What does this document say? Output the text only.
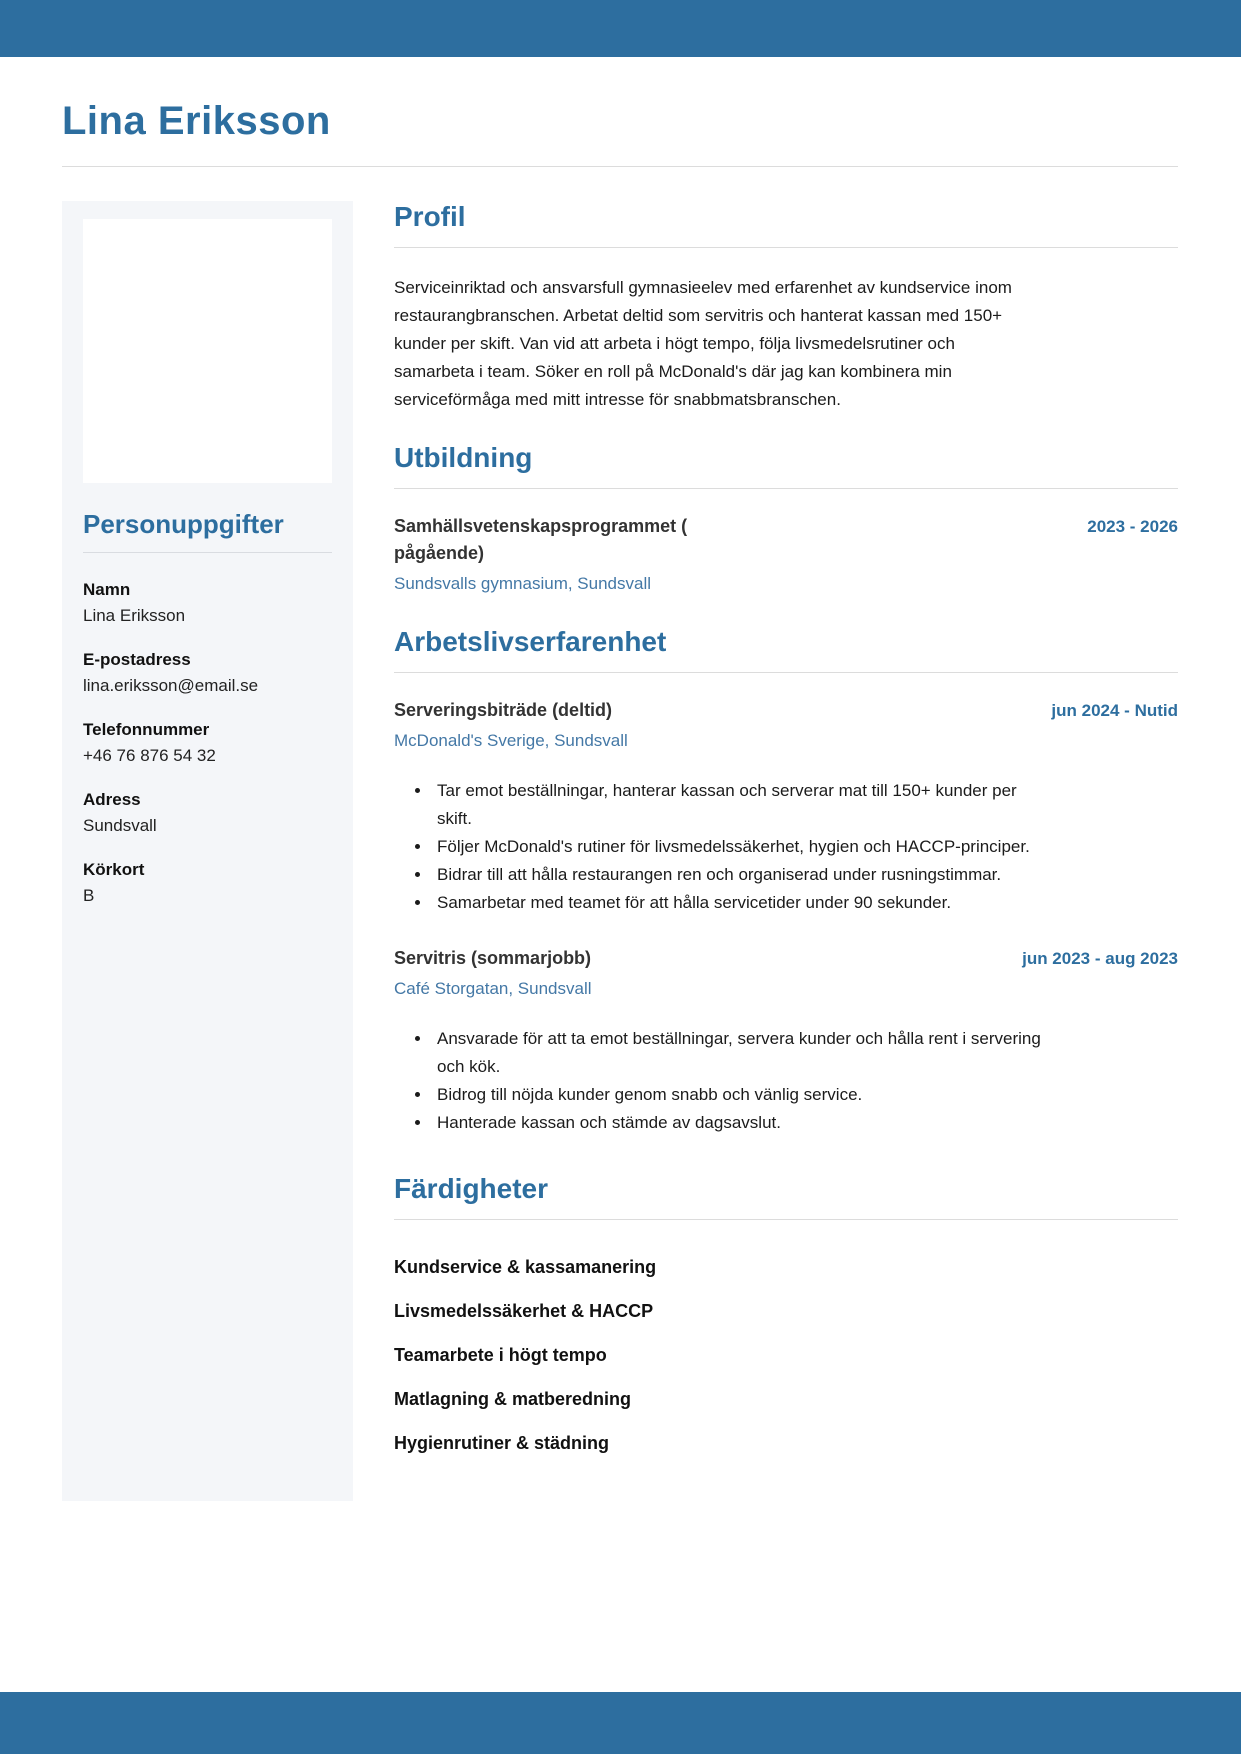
Lina Eriksson
Personuppgifter
Namn
Lina Eriksson
E-postadress
lina.eriksson@email.se
Telefonnummer
+46 76 876 54 32
Adress
Sundsvall
Körkort
B
Profil

Serviceinriktad och ansvarsfull gymnasieelev med erfarenhet av kundservice inom restaurangbranschen. Arbetat deltid som servitris och hanterat kassan med 150+ kunder per skift. Van vid att arbeta i högt tempo, följa livsmedelsrutiner och samarbeta i team. Söker en roll på McDonald's där jag kan kombinera min serviceförmåga med mitt intresse för snabbmatsbranschen.

Utbildning
Samhällsvetenskapsprogrammet ( pågående)
Sundsvalls gymnasium, Sundsvall
2023 - 2026
Arbetslivserfarenhet
Serveringsbiträde (deltid)
McDonald's Sverige, Sundsvall
jun 2024 - Nutid
• Tar emot beställningar, hanterar kassan och serverar mat till 150+ kunder per skift.
• Följer McDonald's rutiner för livsmedelssäkerhet, hygien och HACCP-principer.
• Bidrar till att hålla restaurangen ren och organiserad under rusningstimmar.
• Samarbetar med teamet för att hålla servicetider under 90 sekunder.
Servitris (sommarjobb)
Café Storgatan, Sundsvall
jun 2023 - aug 2023
• Ansvarade för att ta emot beställningar, servera kunder och hålla rent i servering och kök.
• Bidrog till nöjda kunder genom snabb och vänlig service.
• Hanterade kassan och stämde av dagsavslut.
Färdigheter
Kundservice & kassamanering
Livsmedelssäkerhet & HACCP
Teamarbete i högt tempo
Matlagning & matberedning
Hygienrutiner & städning
